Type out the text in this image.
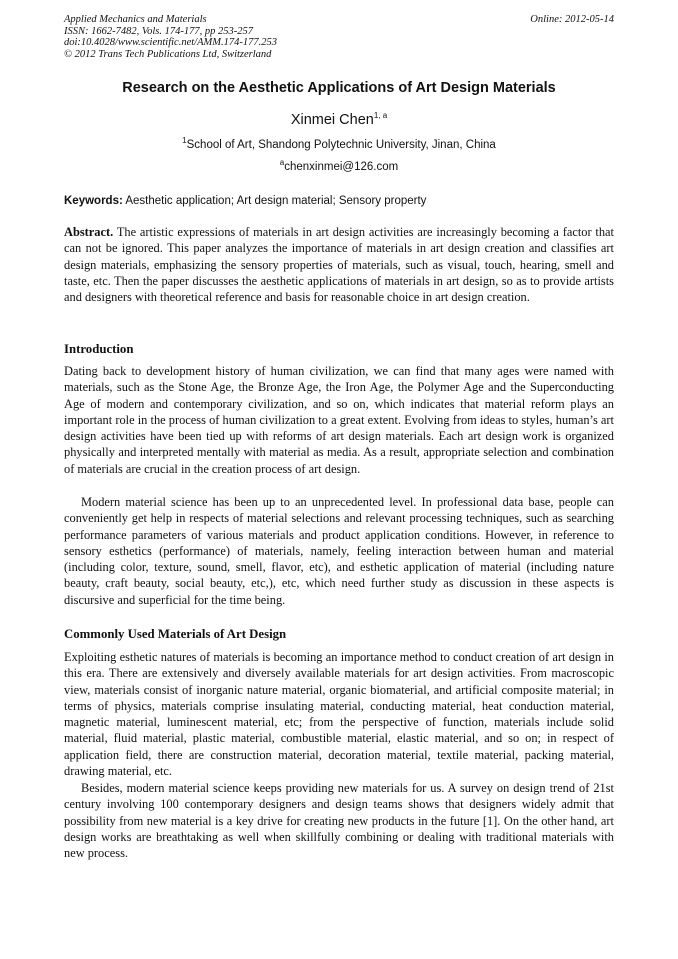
Applied Mechanics and Materials
ISSN: 1662-7482, Vols. 174-177, pp 253-257
doi:10.4028/www.scientific.net/AMM.174-177.253
© 2012 Trans Tech Publications Ltd, Switzerland
Online: 2012-05-14
Research on the Aesthetic Applications of Art Design Materials
Xinmei Chen$^{1, a}$
$^1$School of Art, Shandong Polytechnic University, Jinan, China
$^a$chenxinmei@126.com
Keywords: Aesthetic application; Art design material; Sensory property

Abstract. The artistic expressions of materials in art design activities are increasingly becoming a factor that can not be ignored. This paper analyzes the importance of materials in art design creation and classifies art design materials, emphasizing the sensory properties of materials, such as visual, touch, hearing, smell and taste, etc. Then the paper discusses the aesthetic applications of materials in art design, so as to provide artists and designers with theoretical reference and basis for reasonable choice in art design creation.

Introduction

Dating back to development history of human civilization, we can find that many ages were named with materials, such as the Stone Age, the Bronze Age, the Iron Age, the Polymer Age and the Superconducting Age of modern and contemporary civilization, and so on, which indicates that material reform plays an important role in the process of human civilization to a great extent. Evolving from ideas to styles, human’s art design activities have been tied up with reforms of art design materials. Each art design work is organized physically and interpreted mentally with material as media. As a result, appropriate selection and combination of materials are crucial in the creation process of art design.

Modern material science has been up to an unprecedented level. In professional data base, people can conveniently get help in respects of material selections and relevant processing techniques, such as searching performance parameters of various materials and product application conditions. However, in reference to sensory esthetics (performance) of materials, namely, feeling interaction between human and material (including color, texture, sound, smell, flavor, etc), and esthetic application of material (including nature beauty, craft beauty, social beauty, etc,), etc, which need further study as discussion in these aspects is discursive and superficial for the time being.

Commonly Used Materials of Art Design

Exploiting esthetic natures of materials is becoming an importance method to conduct creation of art design in this era. There are extensively and diversely available materials for art design activities. From macroscopic view, materials consist of inorganic nature material, organic biomaterial, and artificial composite material; in terms of physics, materials comprise insulating material, conducting material, heat conduction material, magnetic material, luminescent material, etc; from the perspective of function, materials include solid material, fluid material, plastic material, combustible material, elastic material, and so on; in respect of application field, there are construction material, decoration material, textile material, packing material, drawing material, etc.

Besides, modern material science keeps providing new materials for us. A survey on design trend of 21st century involving 100 contemporary designers and design teams shows that designers widely admit that possibility from new material is a key drive for creating new products in the future [1]. On the other hand, art design works are breathtaking as well when skillfully combining or dealing with traditional materials with new process.
